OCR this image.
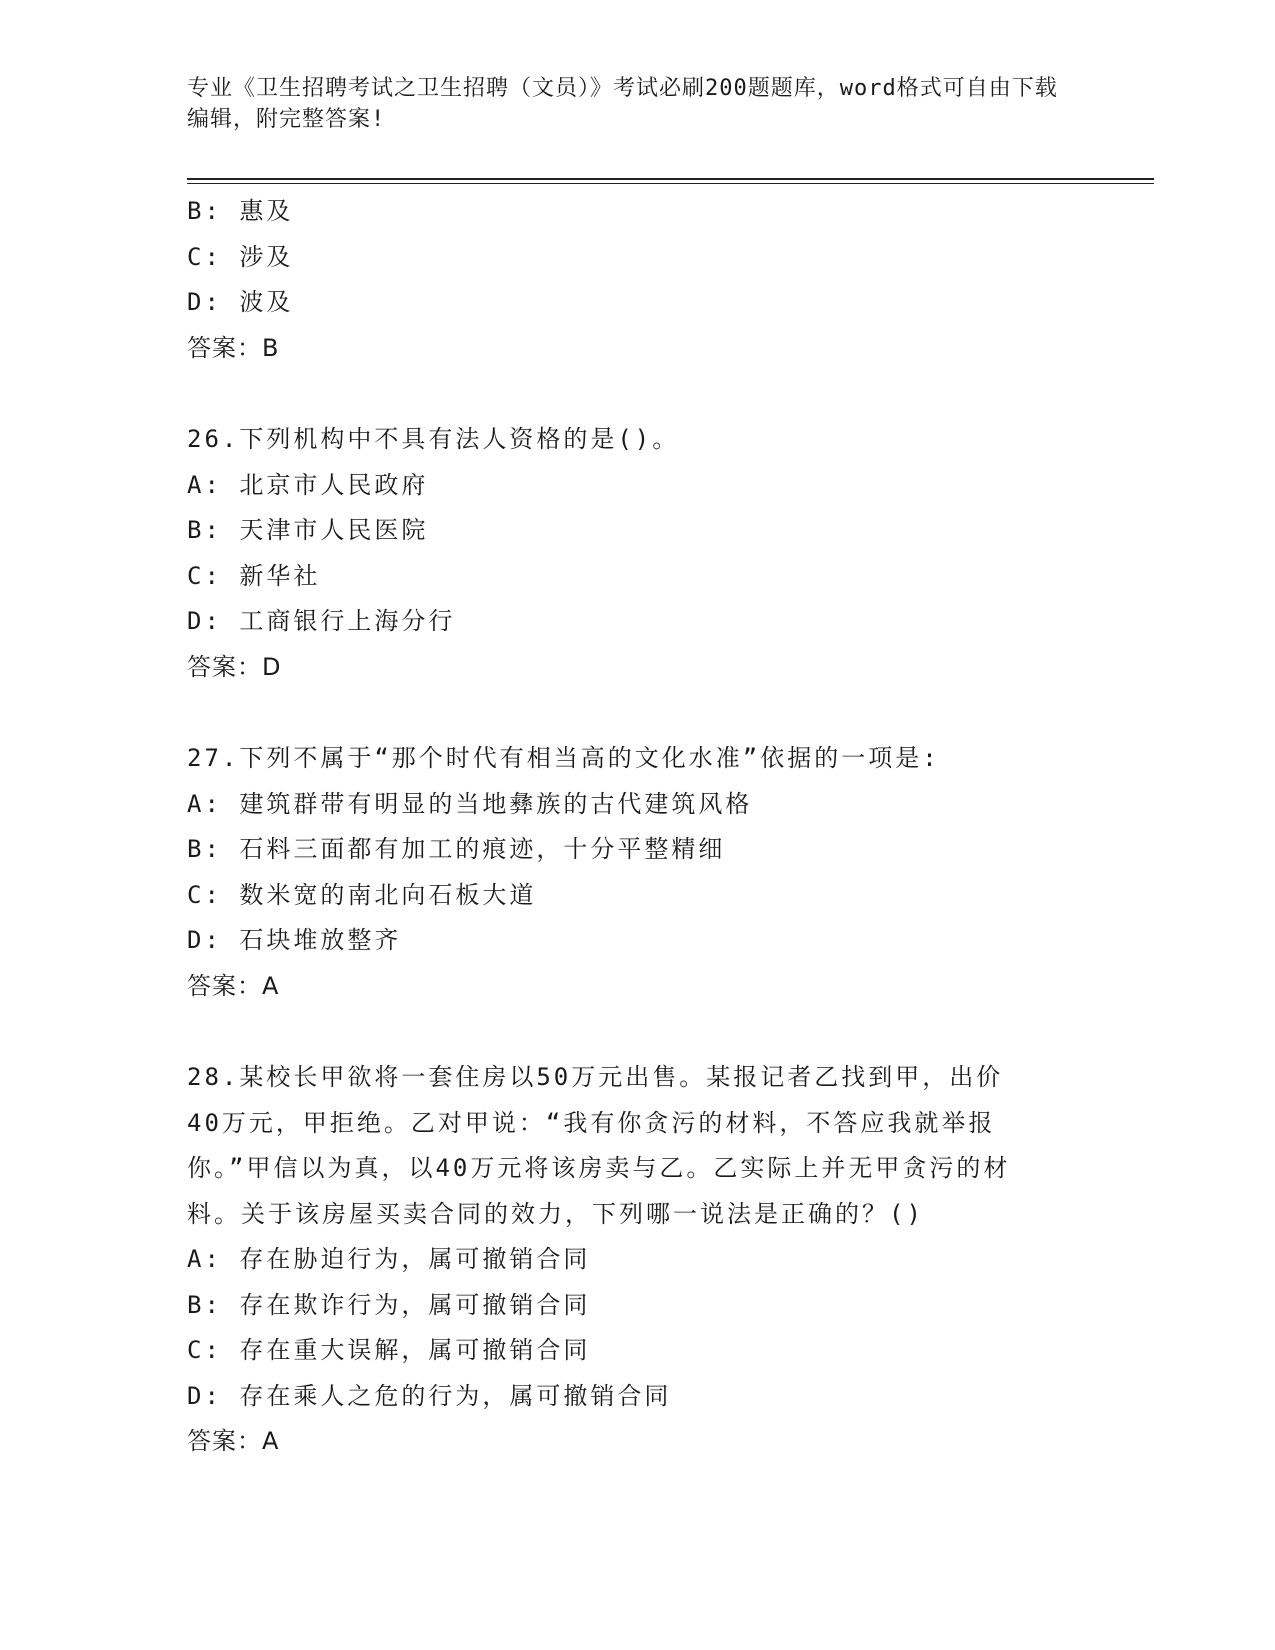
专业《卫生招聘考试之卫生招聘（文员）》考试必刷200题题库，word格式可自由下载编辑，附完整答案!
B: 惠及
C: 涉及
D: 波及
答案：B
26.下列机构中不具有法人资格的是()。
A: 北京市人民政府
B: 天津市人民医院
C: 新华社
D: 工商银行上海分行
答案：D
27.下列不属于“那个时代有相当高的文化水准”依据的一项是:
A: 建筑群带有明显的当地彝族的古代建筑风格
B: 石料三面都有加工的痕迹，十分平整精细
C: 数米宽的南北向石板大道
D: 石块堆放整齐
答案：A
28.某校长甲欲将一套住房以50万元出售。某报记者乙找到甲，出价40万元，甲拒绝。乙对甲说：“我有你贪污的材料，不答应我就举报你。”甲信以为真，以40万元将该房卖与乙。乙实际上并无甲贪污的材料。关于该房屋买卖合同的效力，下列哪一说法是正确的？()
A: 存在胁迫行为，属可撤销合同
B: 存在欺诈行为，属可撤销合同
C: 存在重大误解，属可撤销合同
D: 存在乘人之危的行为，属可撤销合同
答案：A
